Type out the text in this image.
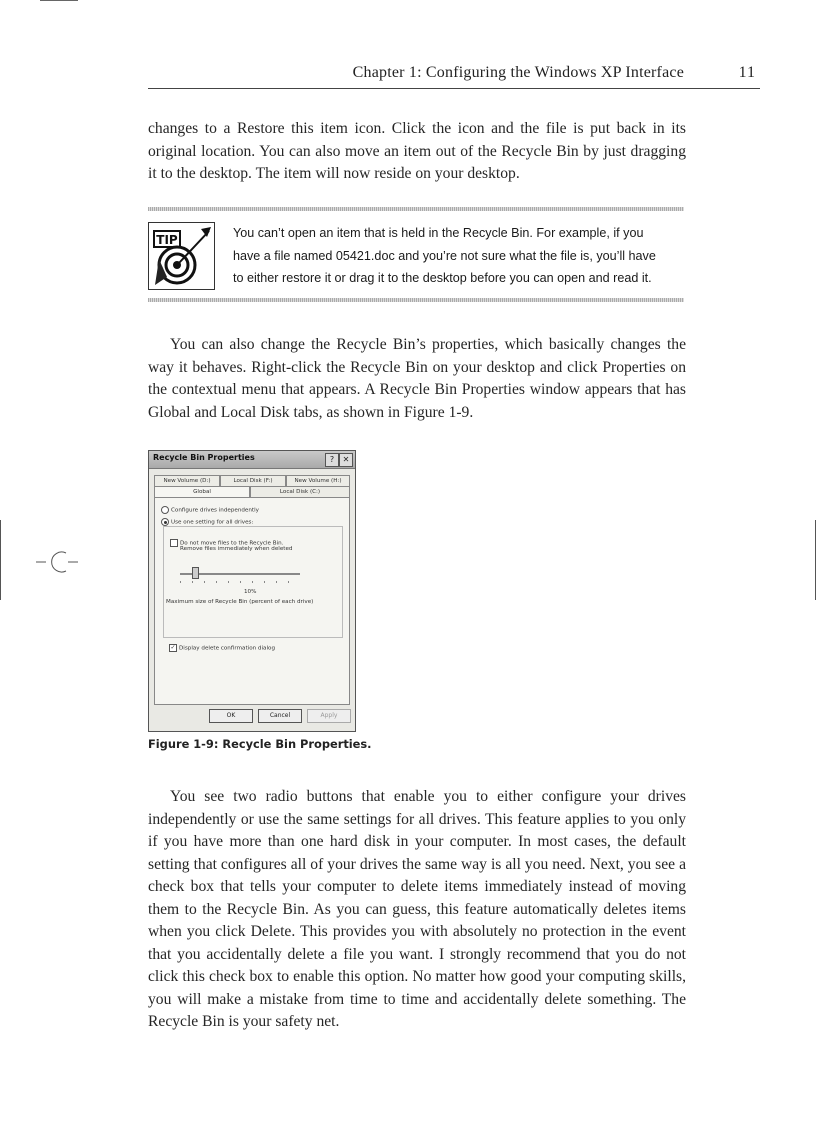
Chapter 1: Configuring the Windows XP Interface	11

changes to a Restore this item icon. Click the icon and the file is put back in its original location. You can also move an item out of the Recycle Bin by just dragging it to the desktop. The item will now reside on your desktop.

TIP	You can’t open an item that is held in the Recycle Bin. For example, if you
have a file named 05421.doc and you’re not sure what the file is, you’ll have
to either restore it or drag it to the desktop before you can open and read it.

You can also change the Recycle Bin’s properties, which basically changes the way it behaves. Right-click the Recycle Bin on your desktop and click Properties on the contextual menu that appears. A Recycle Bin Properties window appears that has Global and Local Disk tabs, as shown in Figure 1-9.

Recycle Bin Properties	?	✕
New Volume (D:)	Local Disk (F:)	New Volume (H:)
Global	Local Disk (C:)
Configure drives independently
Use one setting for all drives:
Do not move files to the Recycle Bin.
Remove files immediately when deleted
10%
Maximum size of Recycle Bin (percent of each drive)
✓ Display delete confirmation dialog
OK	Cancel	Apply

Figure 1-9: Recycle Bin Properties.

You see two radio buttons that enable you to either configure your drives independently or use the same settings for all drives. This feature applies to you only if you have more than one hard disk in your computer. In most cases, the default setting that configures all of your drives the same way is all you need. Next, you see a check box that tells your computer to delete items immediately instead of moving them to the Recycle Bin. As you can guess, this feature automatically deletes items when you click Delete. This provides you with absolutely no protection in the event that you accidentally delete a file you want. I strongly recommend that you do not click this check box to enable this option. No matter how good your computing skills, you will make a mistake from time to time and accidentally delete something. The Recycle Bin is your safety net.
